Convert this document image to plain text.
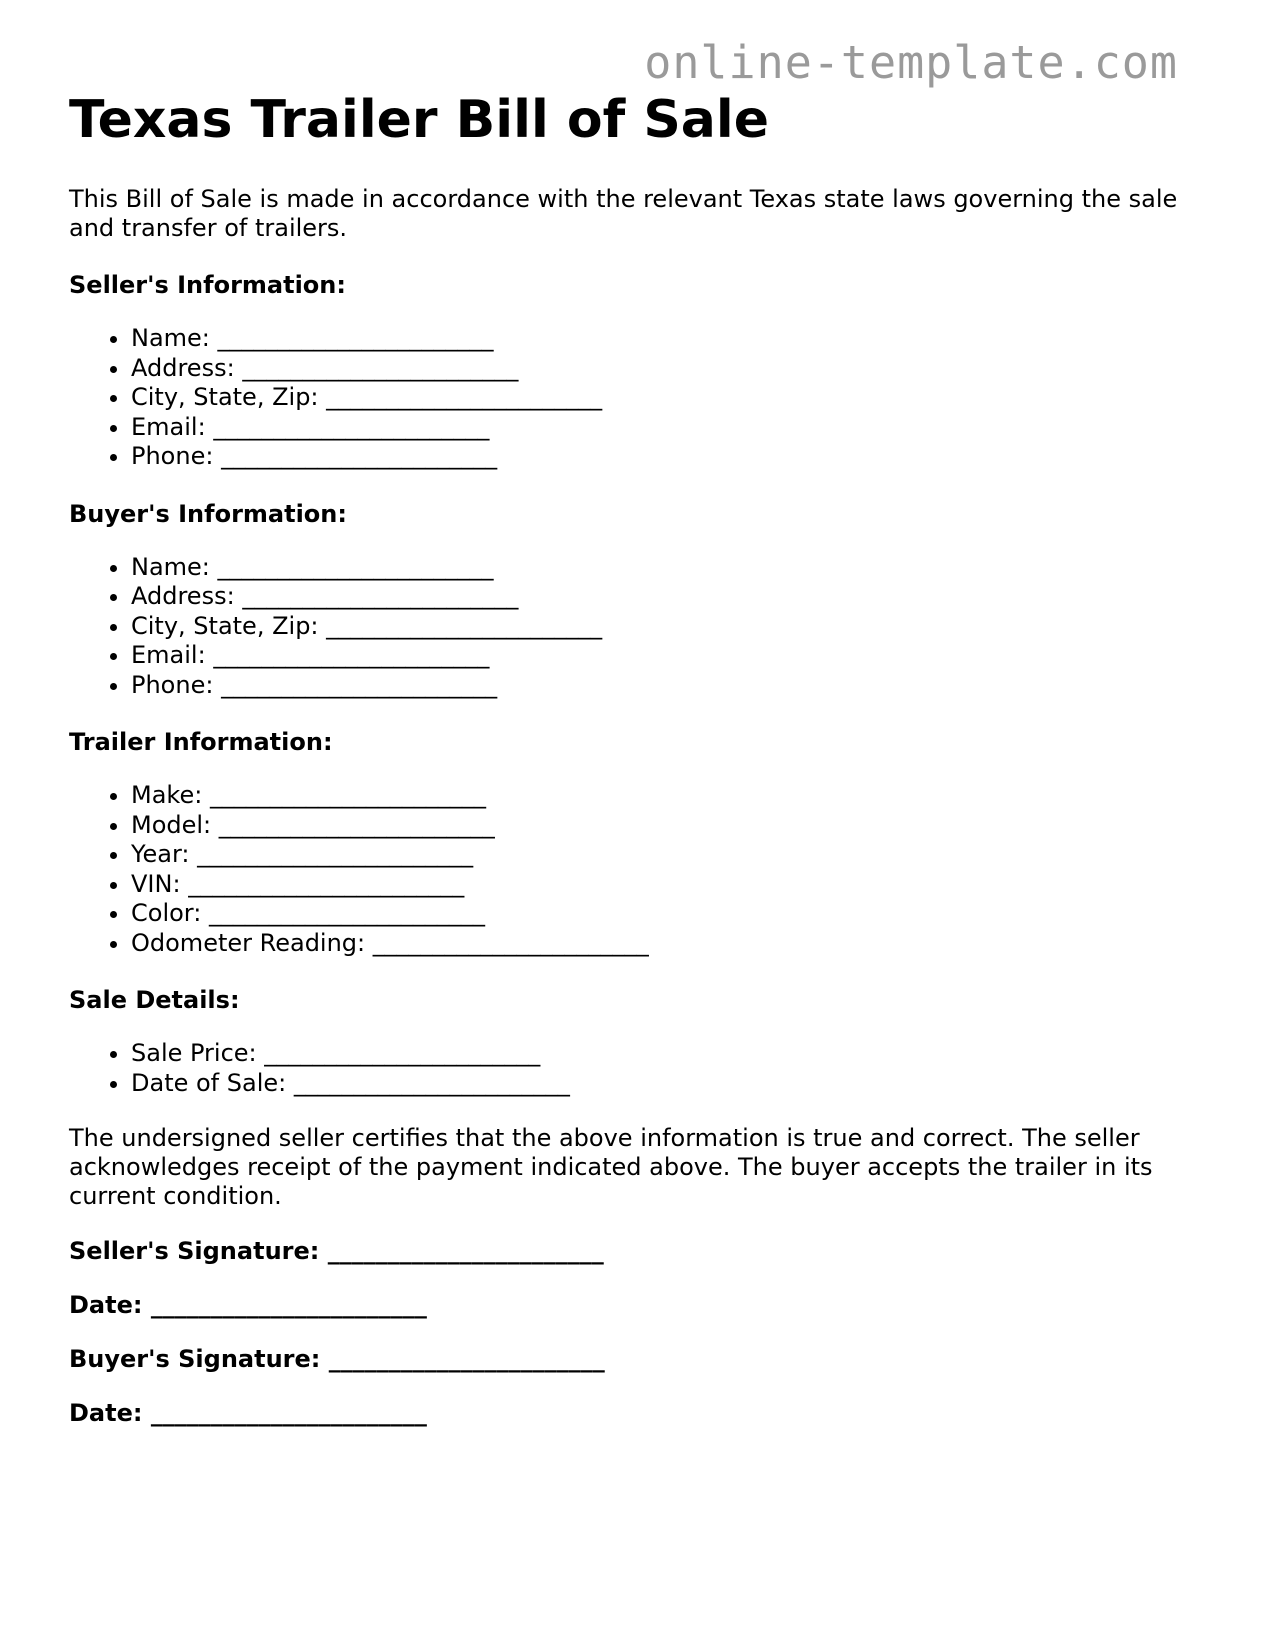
online-template.com
Texas Trailer Bill of Sale

This Bill of Sale is made in accordance with the relevant Texas state laws governing the sale and transfer of trailers.

Seller's Information:

• Name: _______________________
• Address: _______________________
• City, State, Zip: _______________________
• Email: _______________________
• Phone: _______________________

Buyer's Information:

• Name: _______________________
• Address: _______________________
• City, State, Zip: _______________________
• Email: _______________________
• Phone: _______________________

Trailer Information:

• Make: _______________________
• Model: _______________________
• Year: _______________________
• VIN: _______________________
• Color: _______________________
• Odometer Reading: _______________________

Sale Details:

• Sale Price: _______________________
• Date of Sale: _______________________

The undersigned seller certifies that the above information is true and correct. The seller acknowledges receipt of the payment indicated above. The buyer accepts the trailer in its current condition.

Seller's Signature: _______________________

Date: _______________________

Buyer's Signature: _______________________

Date: _______________________
